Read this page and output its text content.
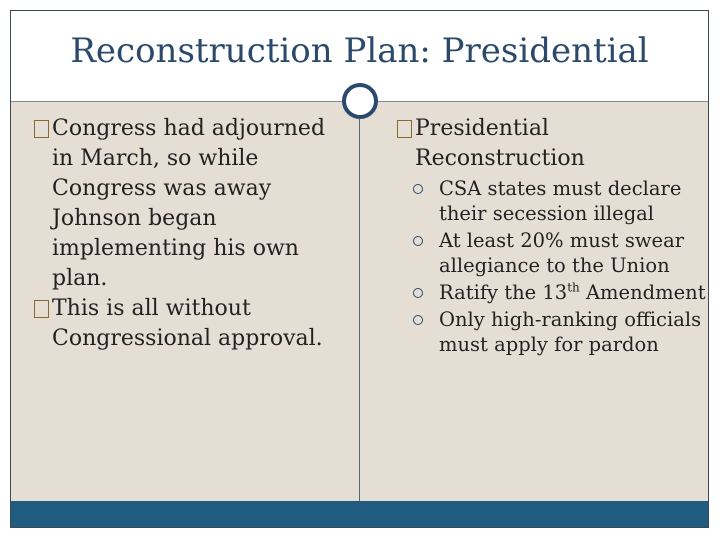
Reconstruction Plan: Presidential
Congress had adjourned in March, so while Congress was away Johnson began implementing his own plan.
This is all without Congressional approval.
Presidential Reconstruction
CSA states must declare their secession illegal
At least 20% must swear allegiance to the Union
Ratify the 13th Amendment
Only high-ranking officials must apply for pardon
